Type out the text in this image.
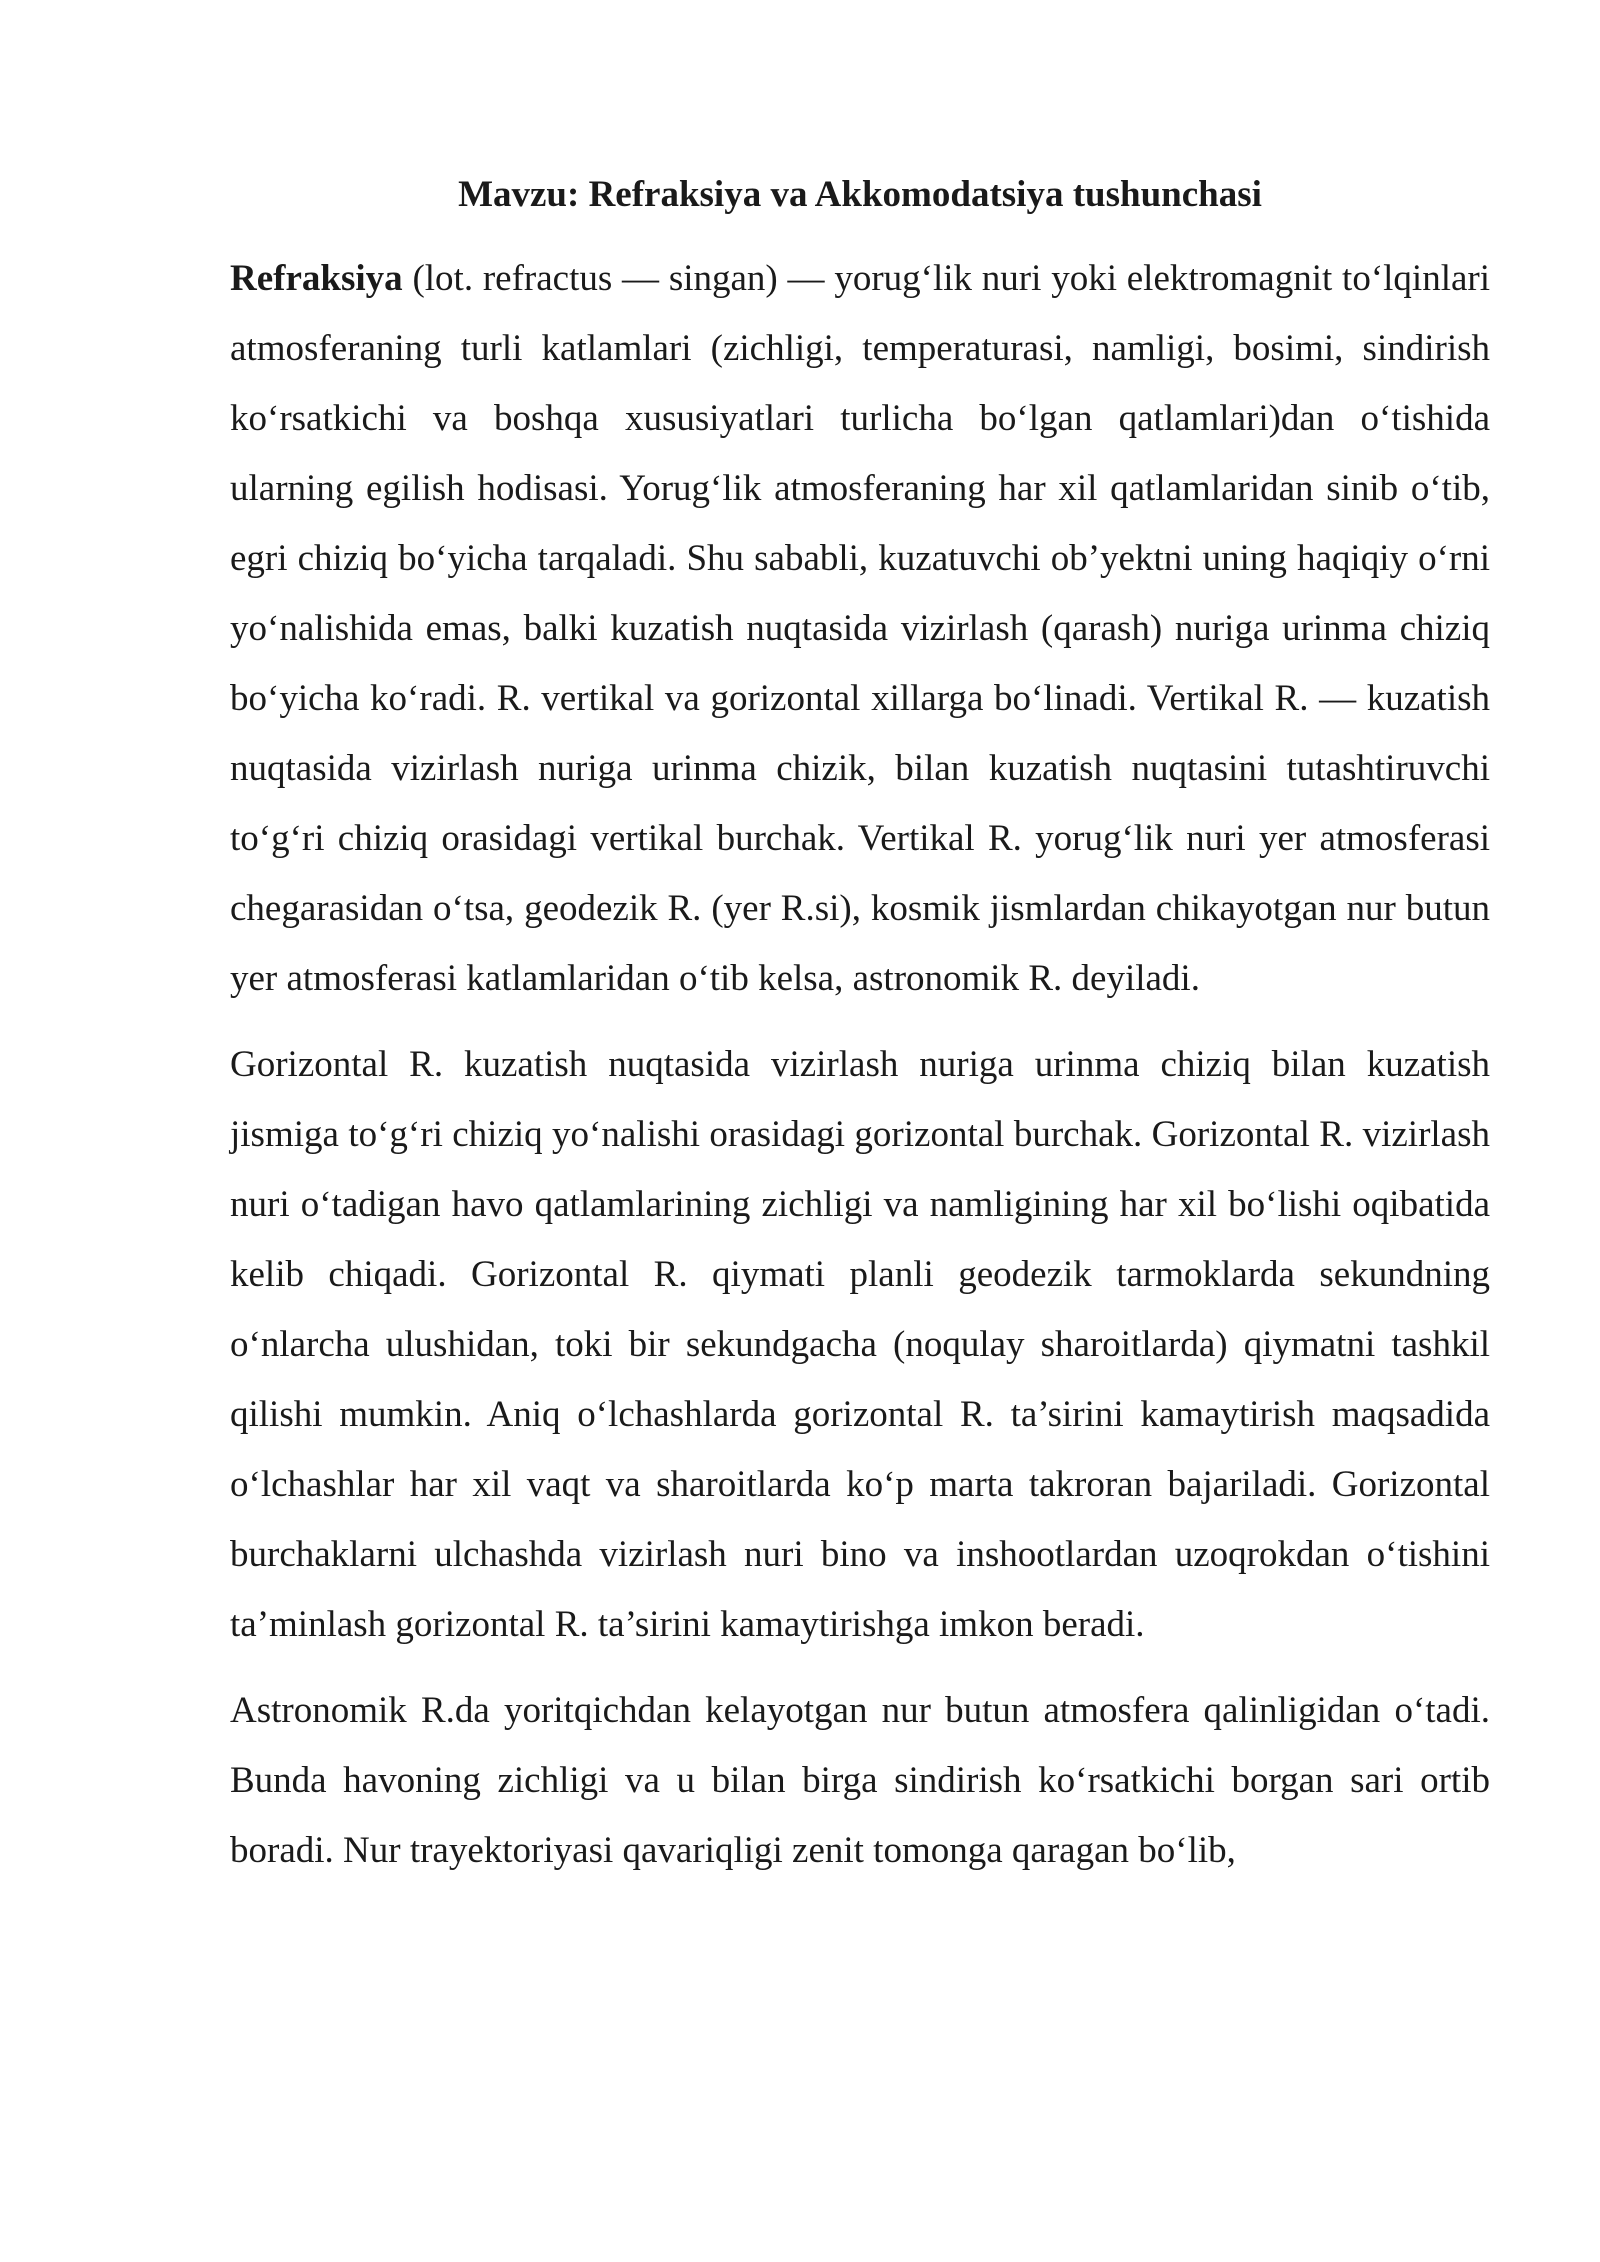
Mavzu: Refraksiya va Akkomodatsiya tushunchasi

Refraksiya (lot. refractus — singan) — yorug‘lik nuri yoki elektromagnit to‘lqinlari atmosferaning turli katlamlari (zichligi, temperaturasi, namligi, bosimi, sindirish ko‘rsatkichi va boshqa xususiyatlari turlicha bo‘lgan qatlamlari)dan o‘tishida ularning egilish hodisasi. Yorug‘lik atmosferaning har xil qatlamlaridan sinib o‘tib, egri chiziq bo‘yicha tarqaladi. Shu sababli, kuzatuvchi ob’yektni uning haqiqiy o‘rni yo‘nalishida emas, balki kuzatish nuqtasida vizirlash (qarash) nuriga urinma chiziq bo‘yicha ko‘radi. R. vertikal va gorizontal xillarga bo‘linadi. Vertikal R. — kuzatish nuqtasida vizirlash nuriga urinma chizik, bilan kuzatish nuqtasini tutashtiruvchi to‘g‘ri chiziq orasidagi vertikal burchak. Vertikal R. yorug‘lik nuri yer atmosferasi chegarasidan o‘tsa, geodezik R. (yer R.si), kosmik jismlardan chikayotgan nur butun yer atmosferasi katlamlaridan o‘tib kelsa, astronomik R. deyiladi.

Gorizontal R. kuzatish nuqtasida vizirlash nuriga urinma chiziq bilan kuzatish jismiga to‘g‘ri chiziq yo‘nalishi orasidagi gorizontal burchak. Gorizontal R. vizirlash nuri o‘tadigan havo qatlamlarining zichligi va namligining har xil bo‘lishi oqibatida kelib chiqadi. Gorizontal R. qiymati planli geodezik tarmoklarda sekundning o‘nlarcha ulushidan, toki bir sekundgacha (noqulay sharoitlarda) qiymatni tashkil qilishi mumkin. Aniq o‘lchashlarda gorizontal R. ta’sirini kamaytirish maqsadida o‘lchashlar har xil vaqt va sharoitlarda ko‘p marta takroran bajariladi. Gorizontal burchaklarni ulchashda vizirlash nuri bino va inshootlardan uzoqrokdan o‘tishini ta’minlash gorizontal R. ta’sirini kamaytirishga imkon beradi.

Astronomik R.da yoritqichdan kelayotgan nur butun atmosfera qalinligidan o‘tadi. Bunda havoning zichligi va u bilan birga sindirish ko‘rsatkichi borgan sari ortib boradi. Nur trayektoriyasi qavariqligi zenit tomonga qaragan bo‘lib,
